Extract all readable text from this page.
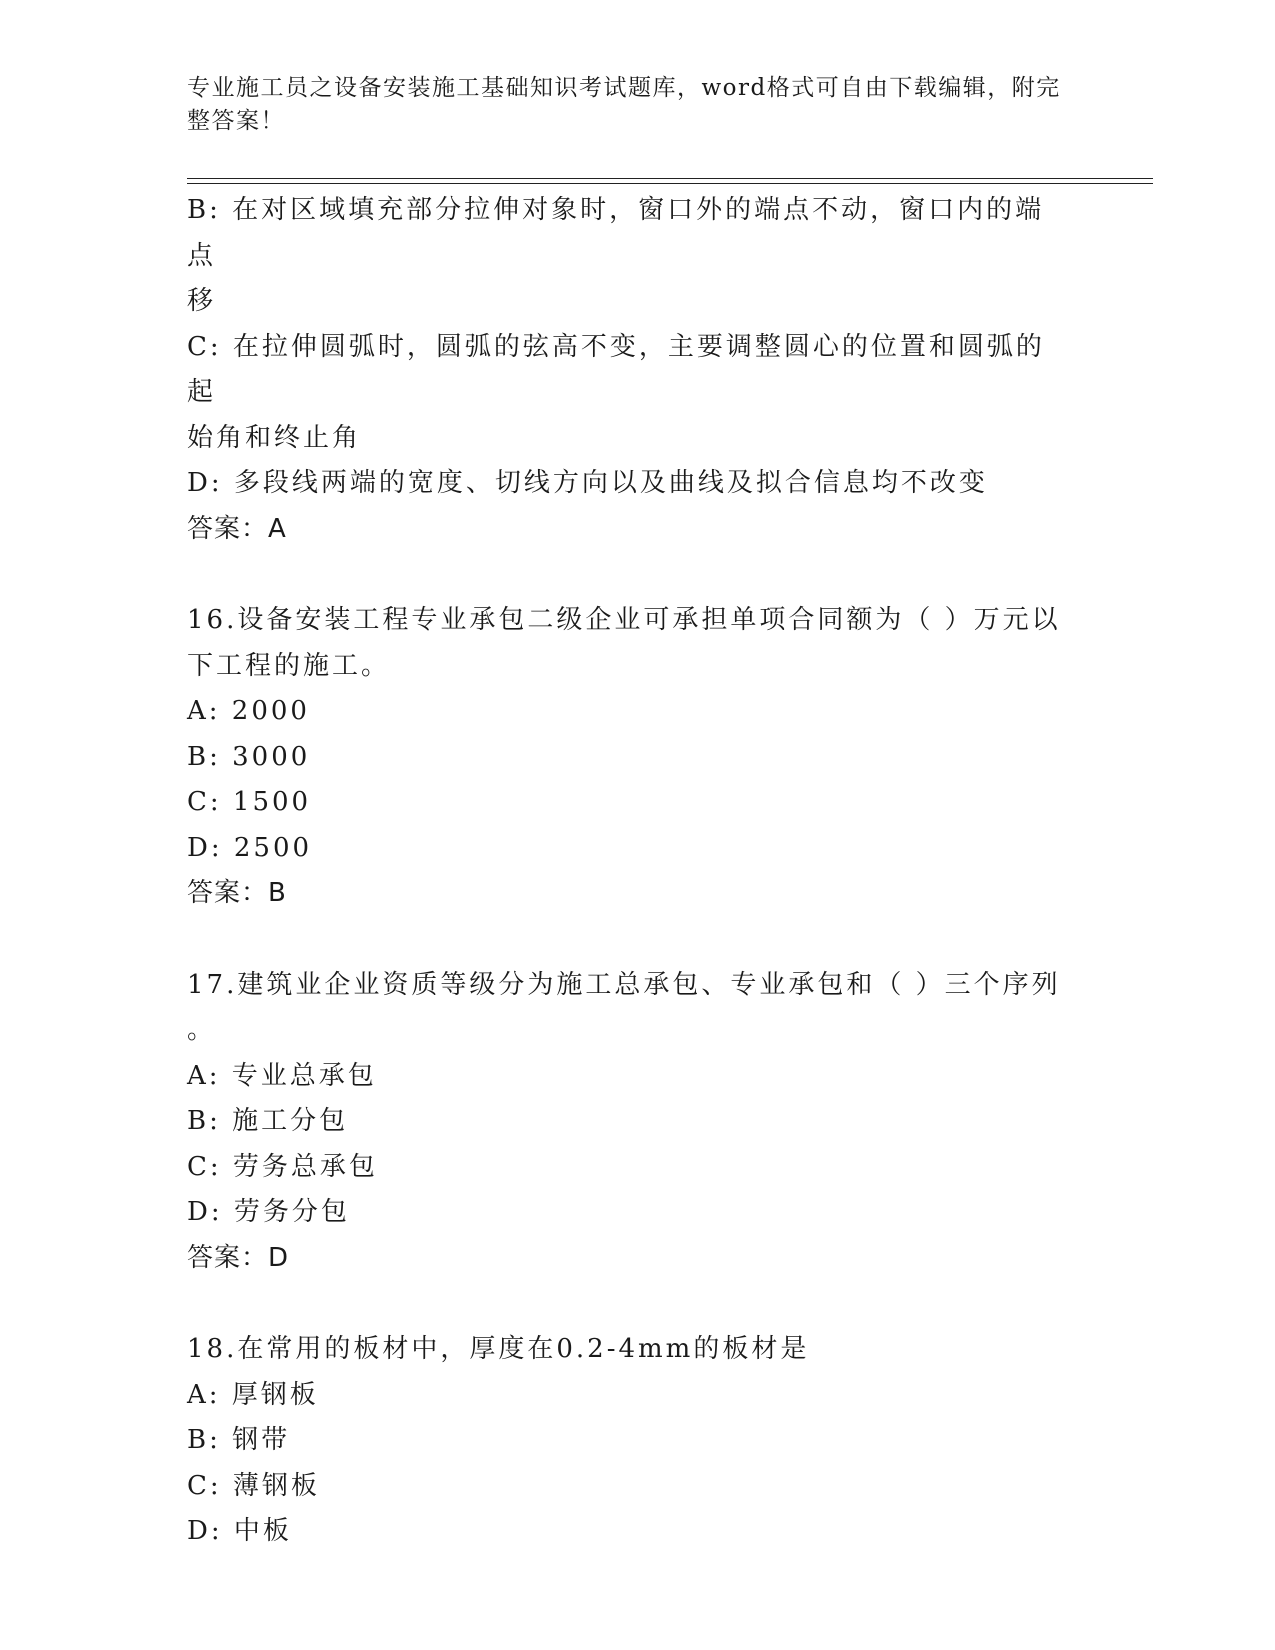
专业施工员之设备安装施工基础知识考试题库，word格式可自由下载编辑，附完
整答案！

B: 在对区域填充部分拉伸对象时，窗口外的端点不动，窗口内的端点

移

C: 在拉伸圆弧时，圆弧的弦高不变，主要调整圆心的位置和圆弧的起

始角和终止角

D: 多段线两端的宽度、切线方向以及曲线及拟合信息均不改变

答案：A

16.设备安装工程专业承包二级企业可承担单项合同额为（ ）万元以

下工程的施工。

A: 2000

B: 3000

C: 1500

D: 2500

答案：B

17.建筑业企业资质等级分为施工总承包、专业承包和（ ）三个序列

。

A: 专业总承包

B: 施工分包

C: 劳务总承包

D: 劳务分包

答案：D

18.在常用的板材中，厚度在0.2-4mm的板材是

A: 厚钢板

B: 钢带

C: 薄钢板

D: 中板
